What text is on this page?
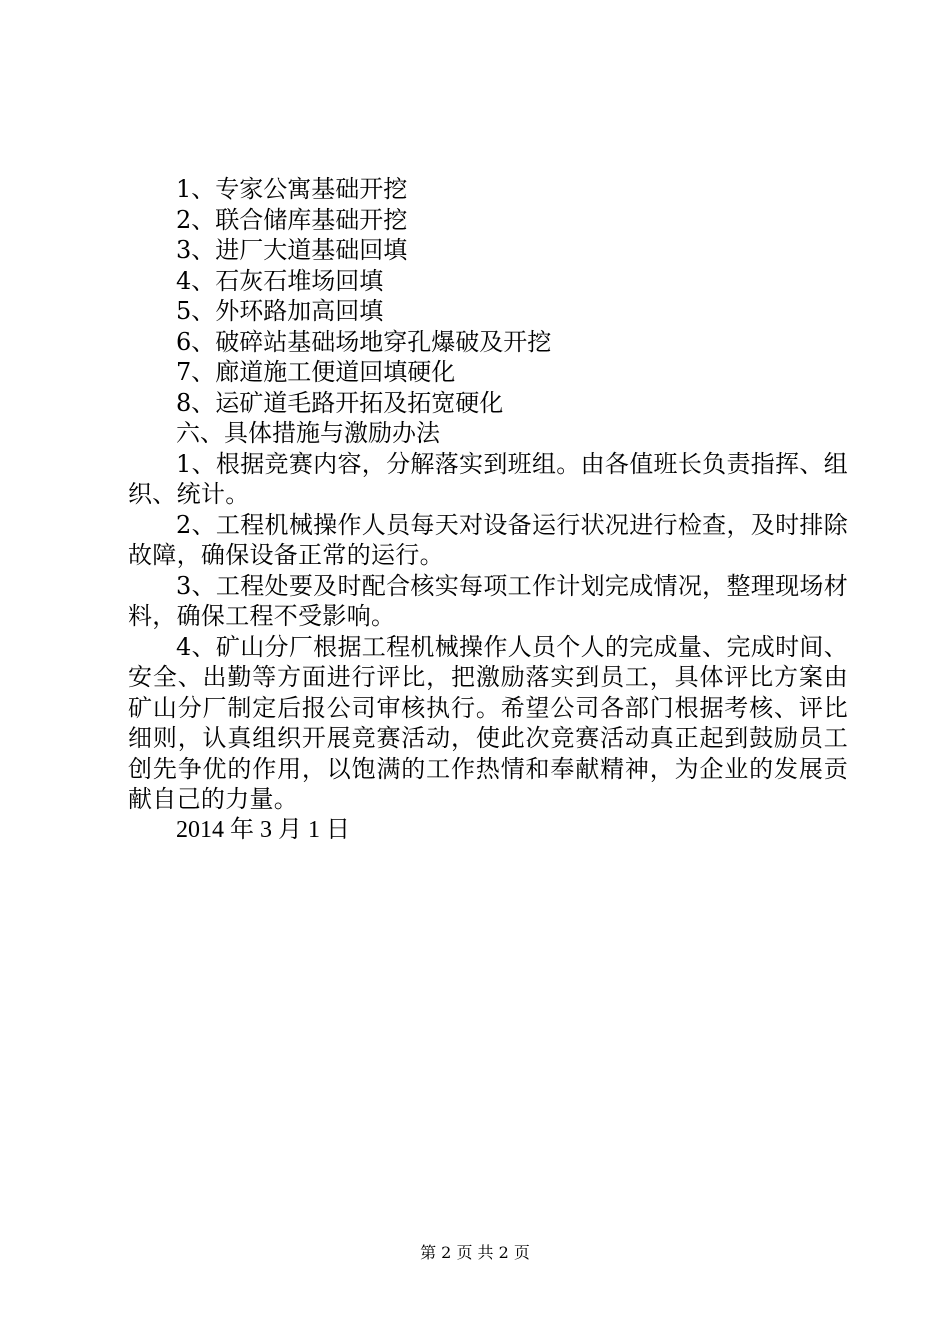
1、专家公寓基础开挖
2、联合储库基础开挖
3、进厂大道基础回填
4、石灰石堆场回填
5、外环路加高回填
6、破碎站基础场地穿孔爆破及开挖
7、廊道施工便道回填硬化
8、运矿道毛路开拓及拓宽硬化
六、具体措施与激励办法

1、根据竞赛内容，分解落实到班组。由各值班长负责指挥、组织、统计。

2、工程机械操作人员每天对设备运行状况进行检查，及时排除故障，确保设备正常的运行。

3、工程处要及时配合核实每项工作计划完成情况，整理现场材料，确保工程不受影响。

4、矿山分厂根据工程机械操作人员个人的完成量、完成时间、安全、出勤等方面进行评比，把激励落实到员工，具体评比方案由矿山分厂制定后报公司审核执行。希望公司各部门根据考核、评比细则，认真组织开展竞赛活动，使此次竞赛活动真正起到鼓励员工创先争优的作用，以饱满的工作热情和奉献精神，为企业的发展贡献自己的力量。

2014 年 3 月 1 日
第 2 页 共 2 页
